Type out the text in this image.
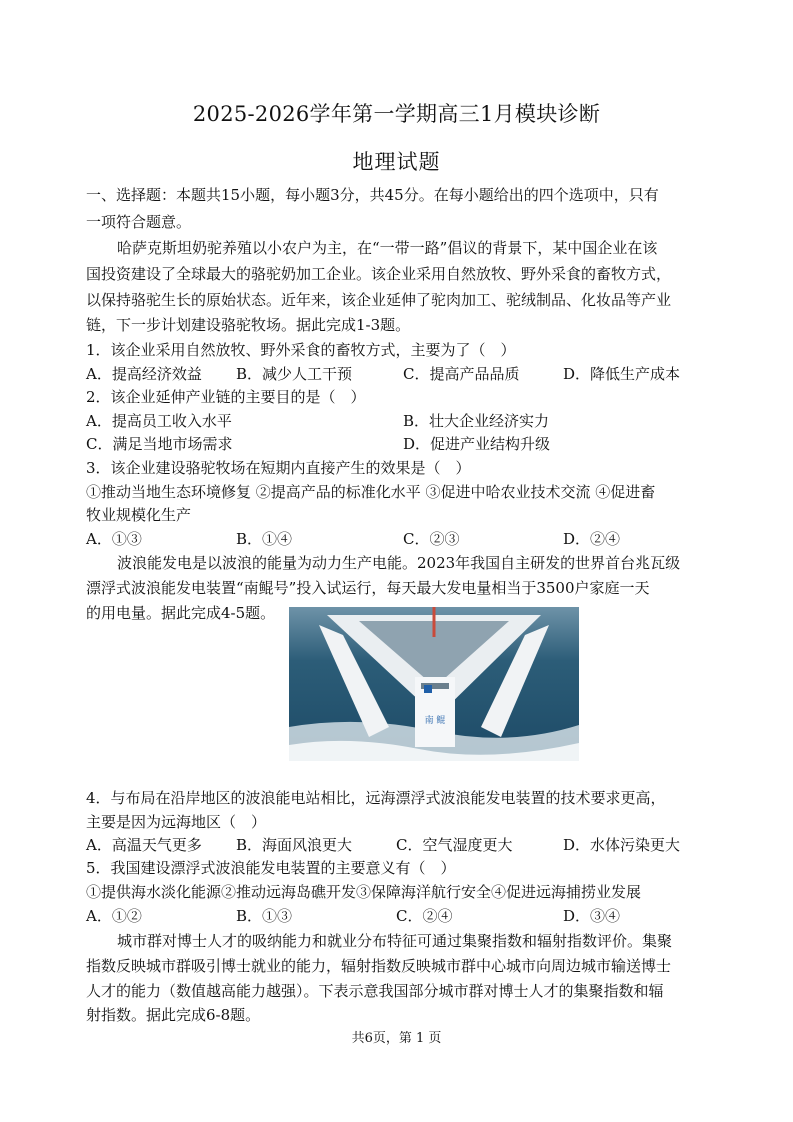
2025-2026学年第一学期高三1月模块诊断
地理试题
一、选择题：本题共15小题，每小题3分，共45分。在每小题给出的四个选项中，只有
一项符合题意。
哈萨克斯坦奶驼养殖以小农户为主，在“一带一路”倡议的背景下，某中国企业在该
国投资建设了全球最大的骆驼奶加工企业。该企业采用自然放牧、野外采食的畜牧方式，
以保持骆驼生长的原始状态。近年来，该企业延伸了驼肉加工、驼绒制品、化妆品等产业
链，下一步计划建设骆驼牧场。据此完成1-3题。
1．该企业采用自然放牧、野外采食的畜牧方式，主要为了（　）
A．提高经济效益 B．减少人工干预	C．提高产品品质	D．降低生产成本
2．该企业延伸产业链的主要目的是（　）
A．提高员工收入水平	B．壮大企业经济实力
C．满足当地市场需求	D．促进产业结构升级
3．该企业建设骆驼牧场在短期内直接产生的效果是（　）
①推动当地生态环境修复 ②提高产品的标准化水平 ③促进中哈农业技术交流 ④促进畜
牧业规模化生产
A．①③	B．①④	C．②③	D．②④
波浪能发电是以波浪的能量为动力生产电能。2023年我国自主研发的世界首台兆瓦级
漂浮式波浪能发电装置“南鲲号”投入试运行，每天最大发电量相当于3500户家庭一天
的用电量。据此完成4-5题。
南 鲲
4．与布局在沿岸地区的波浪能电站相比，远海漂浮式波浪能发电装置的技术要求更高，
主要是因为远海地区（　）
A．高温天气更多 B．海面风浪更大	C．空气湿度更大	D．水体污染更大
5．我国建设漂浮式波浪能发电装置的主要意义有（　）
①提供海水淡化能源②推动远海岛礁开发③保障海洋航行安全④促进远海捕捞业发展
A．①②	B．①③	C．②④	D．③④
城市群对博士人才的吸纳能力和就业分布特征可通过集聚指数和辐射指数评价。集聚
指数反映城市群吸引博士就业的能力，辐射指数反映城市群中心城市向周边城市输送博士
人才的能力（数值越高能力越强）。下表示意我国部分城市群对博士人才的集聚指数和辐
射指数。据此完成6-8题。
共6页，第 1 页
